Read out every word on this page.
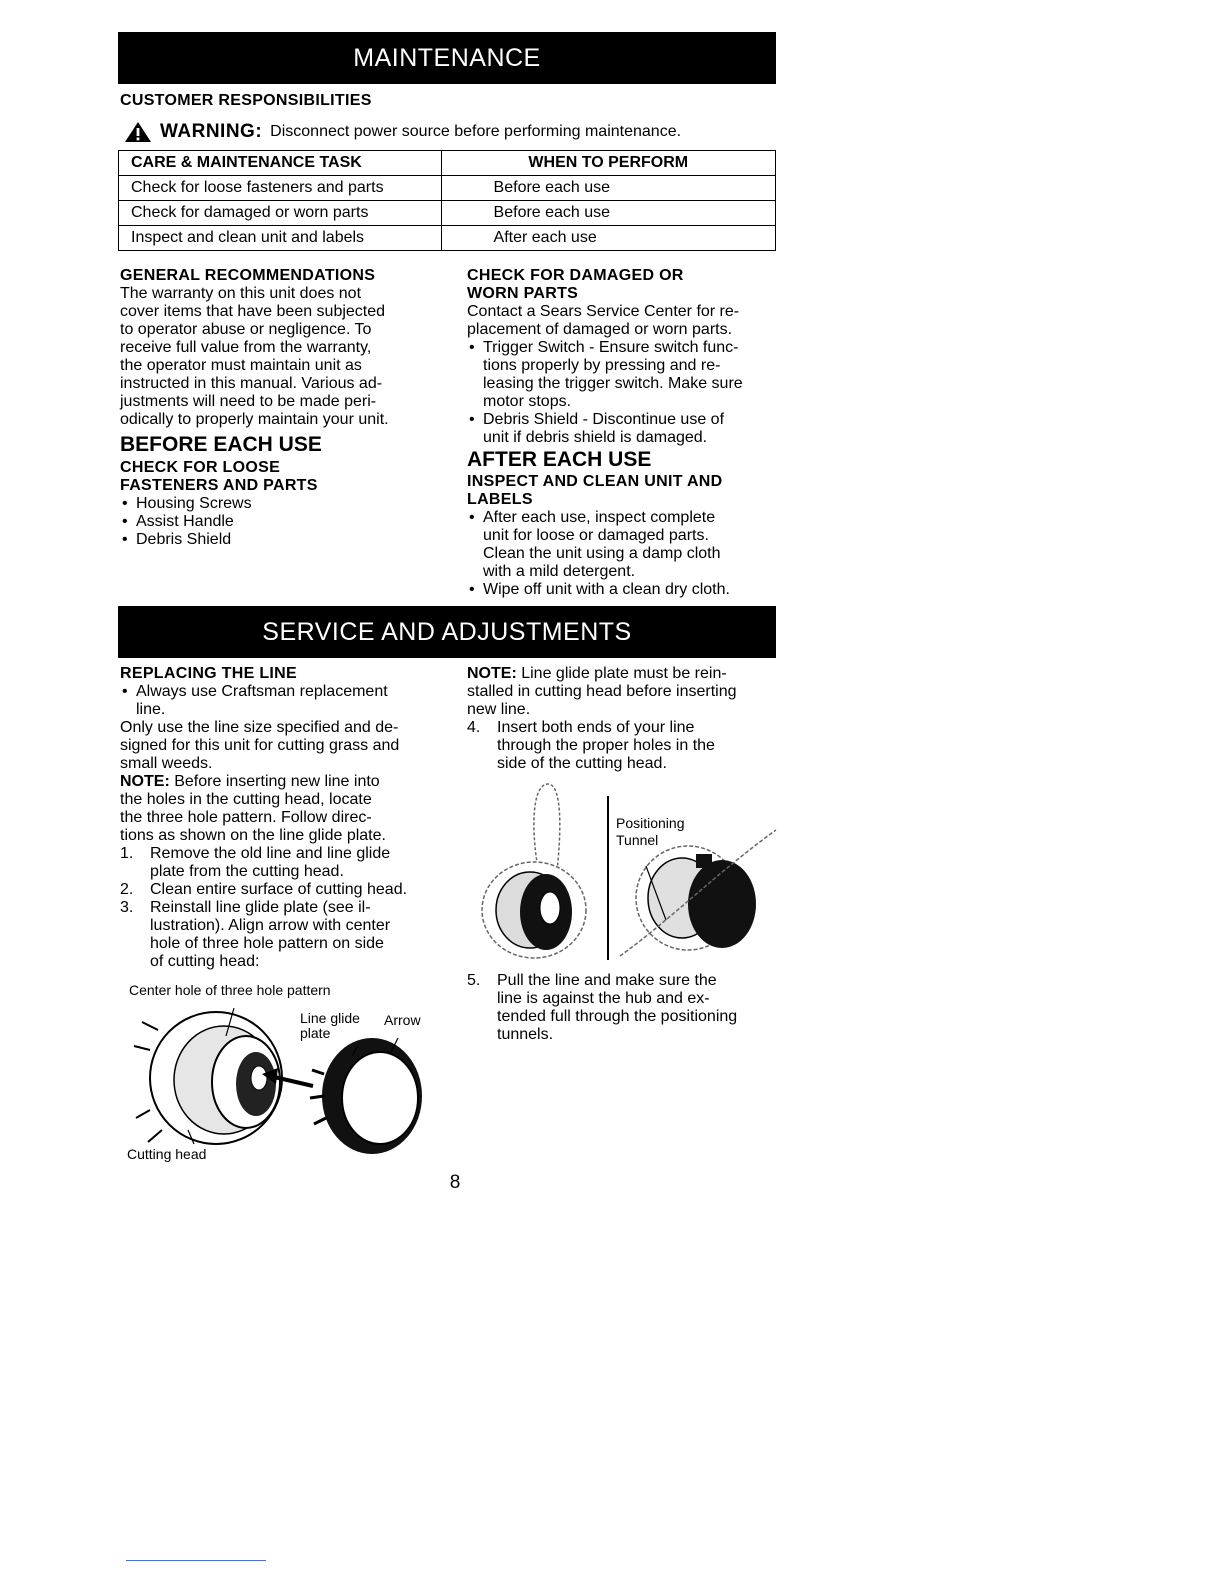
MAINTENANCE
CUSTOMER RESPONSIBILITIES
WARNING: Disconnect power source before performing maintenance.
CARE & MAINTENANCE TASK	WHEN TO PERFORM
Check for loose fasteners and parts	Before each use
Check for damaged or worn parts	Before each use
Inspect and clean unit and labels	After each use
GENERAL RECOMMENDATIONS
The warranty on this unit does not
cover items that have been subjected
to operator abuse or negligence. To
receive full value from the warranty,
the operator must maintain unit as
instructed in this manual. Various ad-
justments will need to be made peri-
odically to properly maintain your unit.
BEFORE EACH USE
CHECK FOR LOOSE
FASTENERS AND PARTS
• Housing Screws
• Assist Handle
• Debris Shield
CHECK FOR DAMAGED OR
WORN PARTS
Contact a Sears Service Center for re-
placement of damaged or worn parts.
• Trigger Switch - Ensure switch func-
tions properly by pressing and re-
leasing the trigger switch. Make sure
motor stops.
• Debris Shield - Discontinue use of
unit if debris shield is damaged.
AFTER EACH USE
INSPECT AND CLEAN UNIT AND
LABELS
• After each use, inspect complete
unit for loose or damaged parts.
Clean the unit using a damp cloth
with a mild detergent.
• Wipe off unit with a clean dry cloth.
SERVICE AND ADJUSTMENTS
REPLACING THE LINE
• Always use Craftsman replacement
line.
Only use the line size specified and de-
signed for this unit for cutting grass and
small weeds.
NOTE: Before inserting new line into
the holes in the cutting head, locate
the three hole pattern. Follow direc-
tions as shown on the line glide plate.
1. Remove the old line and line glide
plate from the cutting head.
2. Clean entire surface of cutting head.
3. Reinstall line glide plate (see il-
lustration). Align arrow with center
hole of three hole pattern on side
of cutting head:
Center hole of three hole pattern
Line glide
plate
Arrow
Cutting head
NOTE: Line glide plate must be rein-
stalled in cutting head before inserting
new line.
4. Insert both ends of your line
through the proper holes in the
side of the cutting head.
Positioning
Tunnel
5. Pull the line and make sure the
line is against the hub and ex-
tended full through the positioning
tunnels.
8
